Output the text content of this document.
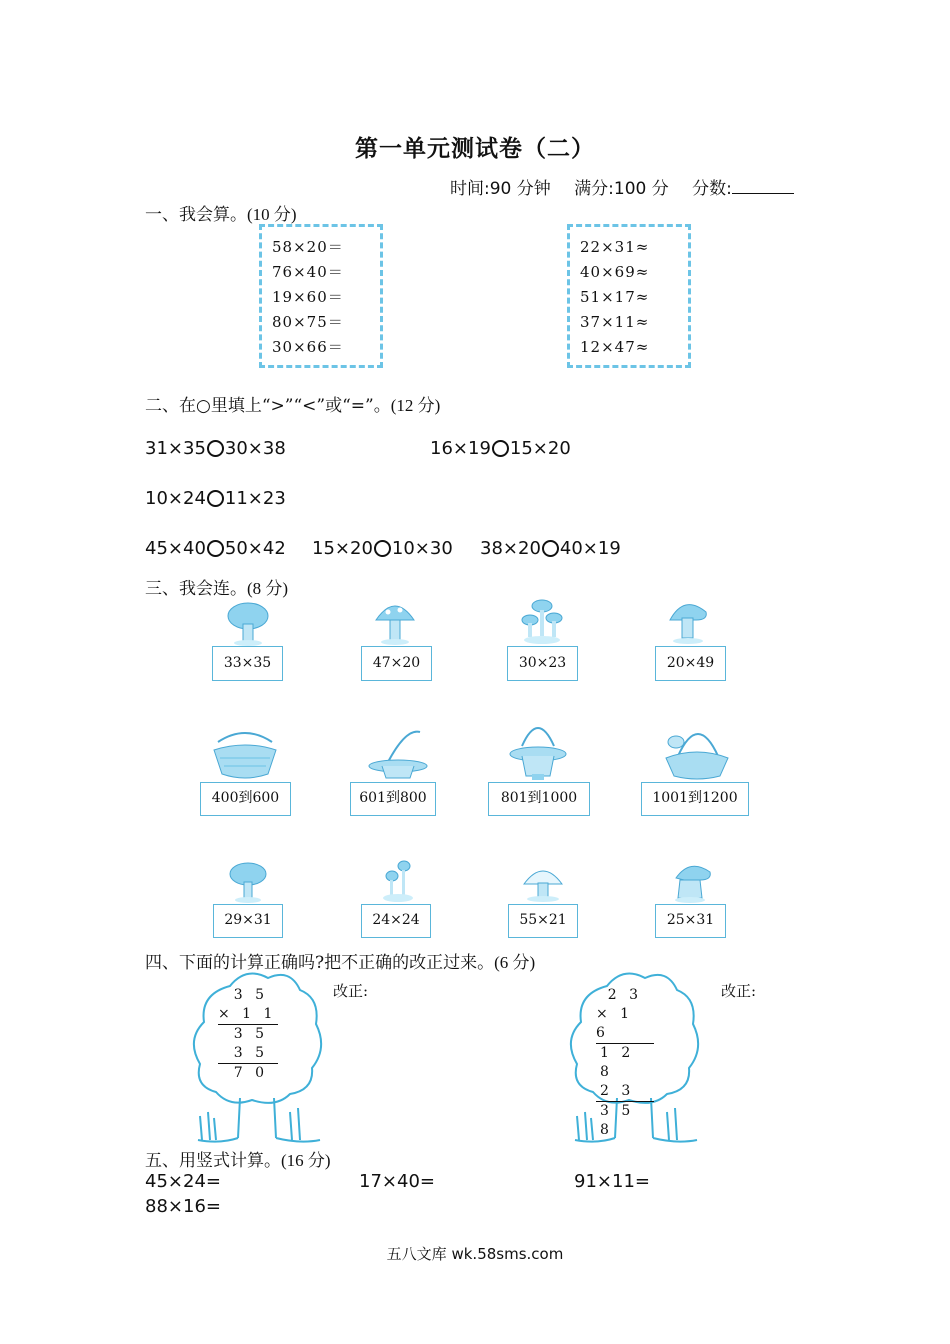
第一单元测试卷（二）
时间:90 分钟 满分:100 分 分数:
一、我会算。(10 分)
58×20＝
76×40＝
19×60＝
80×75＝
30×66＝
22×31≈
40×69≈
51×17≈
37×11≈
12×47≈
二、在○里填上“>”“<”或“=”。(12 分)
31×35 30×38	16×19 15×20
10×24 11×23
45×40 50×42 15×20 10×30 38×20 40×19
三、我会连。(8 分)
33×35	47×20	30×23	20×49
400到600	601到800	801到1000	1001到1200
29×31	24×24	55×21	25×31
四、下面的计算正确吗?把不正确的改正过来。(6 分)
3 5
× 1 1
3 5
3 5
7 0
改正:	2 3
× 1 6
1 2 8
2 3
3 5 8
改正:
五、用竖式计算。(16 分)
45×24=	17×40=	91×11=
88×16=
五八文库 wk.58sms.com
